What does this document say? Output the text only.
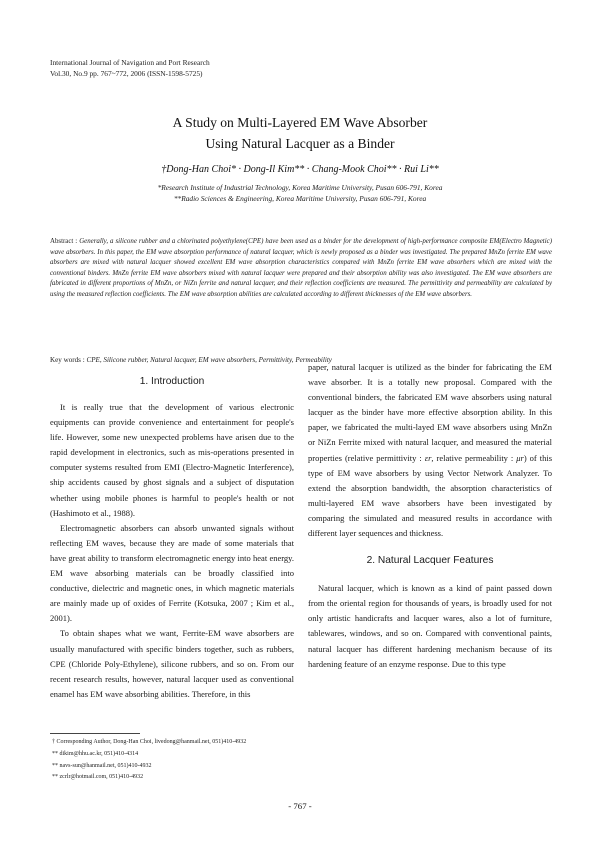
International Journal of Navigation and Port Research
Vol.30, No.9 pp. 767~772, 2006 (ISSN-1598-5725)
A Study on Multi-Layered EM Wave Absorber
Using Natural Lacquer as a Binder
†Dong-Han Choi* · Dong-Il Kim** · Chang-Mook Choi** · Rui Li**
*Research Institute of Industrial Technology, Korea Maritime University, Pusan 606-791, Korea
**Radio Sciences & Engineering, Korea Maritime University, Pusan 606-791, Korea
Abstract : Generally, a silicone rubber and a chlorinated polyethylene(CPE) have been used as a binder for the development of high-performance composite EM(Electro Magnetic) wave absorbers. In this paper, the EM wave absorption performance of natural lacquer, which is newly proposed as a binder was investigated. The prepared MnZn ferrite EM wave absorbers are mixed with natural lacquer showed excellent EM wave absorption characteristics compared with MnZn ferrite EM wave absorbers which are mixed with the conventional binders. MnZn ferrite EM wave absorbers mixed with natural lacquer were prepared and their absorption ability was also investigated. The EM wave absorbers are fabricated in different proportions of MnZn, or NiZn ferrite and natural lacquer, and their reflection coefficients are measured. The permittivity and permeability are calculated by using the measured reflection coefficients. The EM wave absorption abilities are calculated according to different thicknesses of the EM wave absorbers.
Key words : CPE, Silicone rubber, Natural lacquer, EM wave absorbers, Permittivity, Permeability
1. Introduction

It is really true that the development of various electronic equipments can provide convenience and entertainment for people's life. However, some new unexpected problems have arisen due to the rapid development in electronics, such as mis-operations presented in computer systems resulted from EMI (Electro-Magnetic Interference), ship accidents caused by ghost signals and a subject of disputation whether using mobile phones is harmful to people's health or not (Hashimoto et al., 1988).

Electromagnetic absorbers can absorb unwanted signals without reflecting EM waves, because they are made of some materials that have great ability to transform electromagnetic energy into heat energy. EM wave absorbing materials can be broadly classified into conductive, dielectric and magnetic ones, in which magnetic materials are mainly made up of oxides of Ferrite (Kotsuka, 2007 ; Kim et al., 2001).

To obtain shapes what we want, Ferrite-EM wave absorbers are usually manufactured with specific binders together, such as rubbers, CPE (Chloride Poly-Ethylene), silicone rubbers, and so on. From our recent research results, however, natural lacquer used as conventional enamel has EM wave absorbing abilities. Therefore, in this

paper, natural lacquer is utilized as the binder for fabricating the EM wave absorber. It is a totally new proposal. Compared with the conventional binders, the fabricated EM wave absorbers using natural lacquer as the binder have more effective absorption ability. In this paper, we fabricated the multi-layed EM wave absorbers using MnZn or NiZn Ferrite mixed with natural lacquer, and measured the material properties (relative permittivity : εr, relative permeability : μr) of this type of EM wave absorbers by using Vector Network Analyzer. To extend the absorption bandwidth, the absorption characteristics of multi-layered EM wave absorbers have been investigated by comparing the simulated and measured results in accordance with different layer sequences and thickness.

2. Natural Lacquer Features

Natural lacquer, which is known as a kind of paint passed down from the oriental region for thousands of years, is broadly used for not only artistic handicrafts and lacquer wares, also a lot of furniture, tablewares, windows, and so on. Compared with conventional paints, natural lacquer has different hardening mechanism because of its hardening feature of an enzyme response. Due to this type

† Corresponding Author, Dong-Han Choi, livedong@hanmail.net, 051)410-4932
** dikim@hhu.ac.kr, 051)410-4314
** navs-sun@hanmail.net, 051)410-4932
** zcrlr@hotmail.com, 051)410-4932
- 767 -
